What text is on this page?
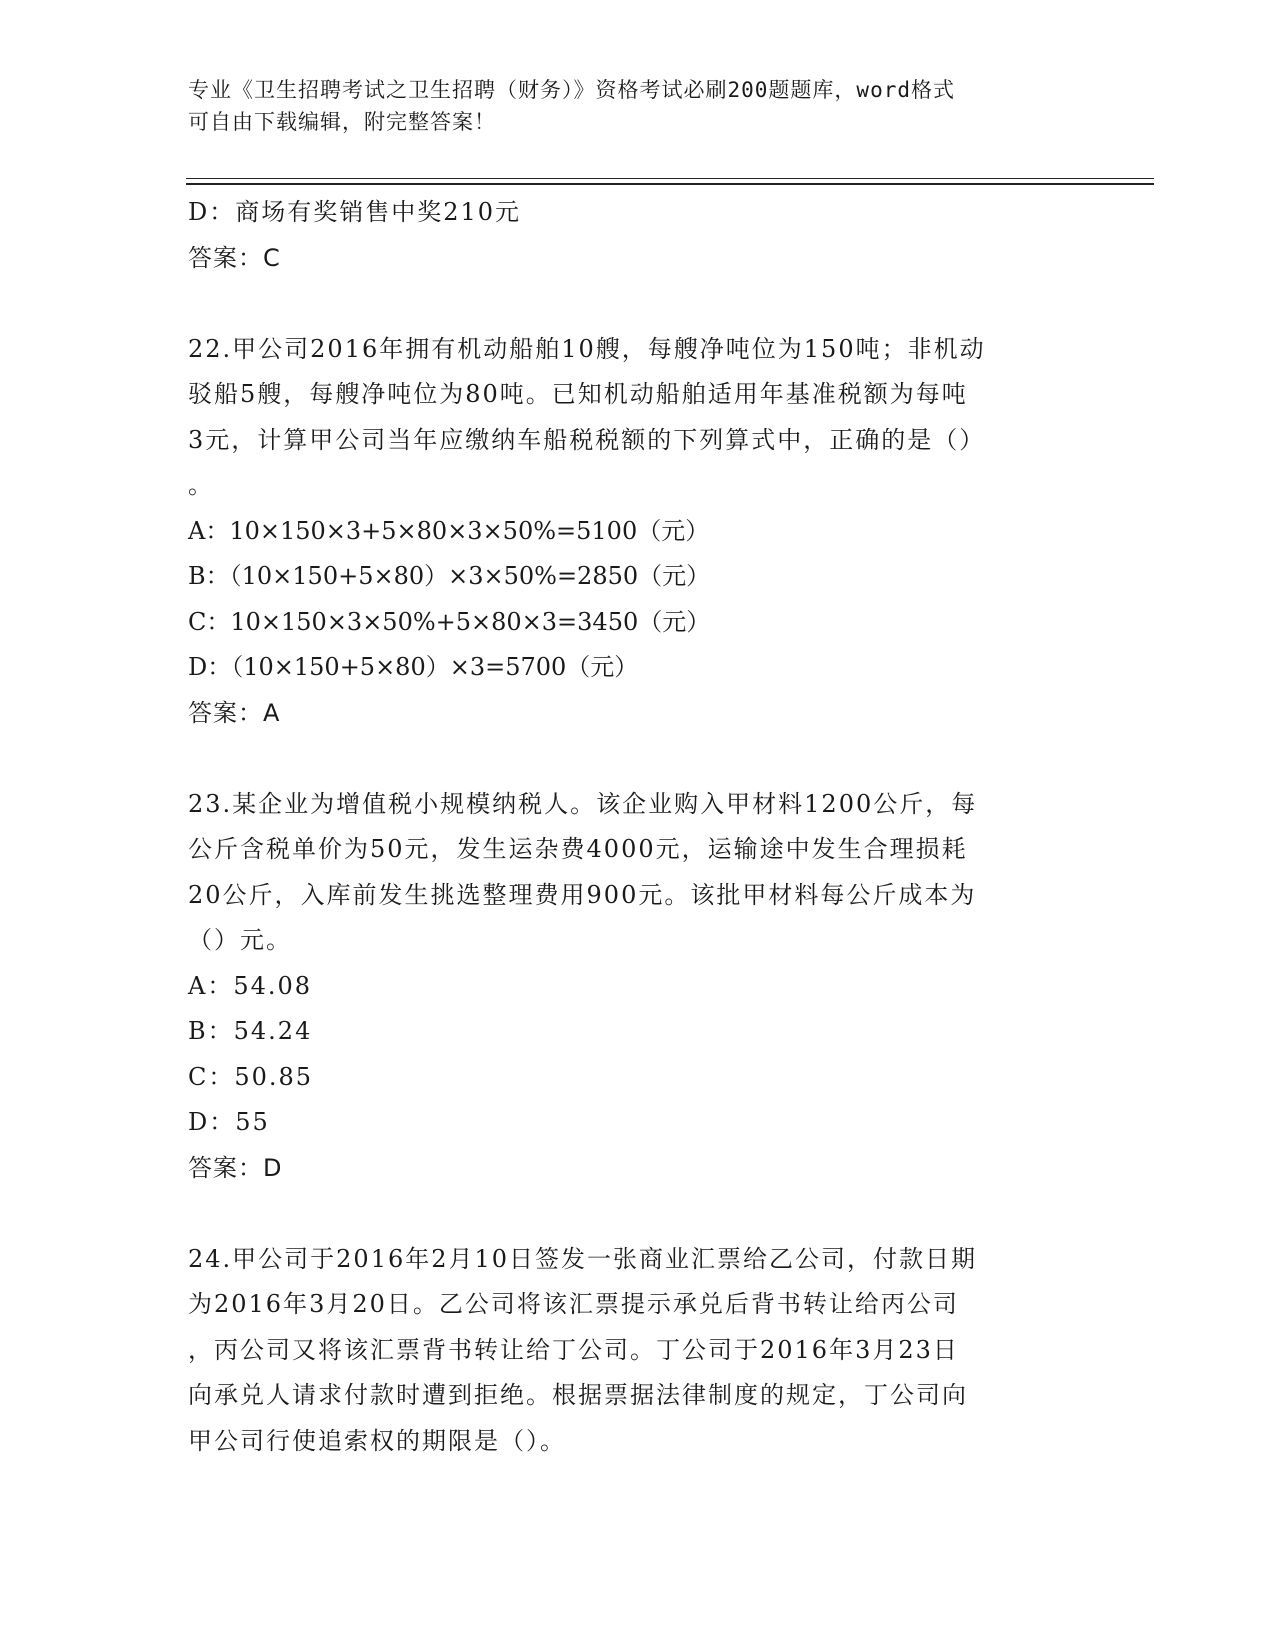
专业《卫生招聘考试之卫生招聘（财务）》资格考试必刷200题题库，word格式
可自由下载编辑，附完整答案！
D：商场有奖销售中奖210元
答案：C
22.甲公司2016年拥有机动船舶10艘，每艘净吨位为150吨；非机动
驳船5艘，每艘净吨位为80吨。已知机动船舶适用年基准税额为每吨
3元，计算甲公司当年应缴纳车船税税额的下列算式中，正确的是（）
。
A：10×150×3+5×80×3×50%=5100（元）
B：（10×150+5×80）×3×50%=2850（元）
C：10×150×3×50%+5×80×3=3450（元）
D：（10×150+5×80）×3=5700（元）
答案：A
23.某企业为增值税小规模纳税人。该企业购入甲材料1200公斤，每
公斤含税单价为50元，发生运杂费4000元，运输途中发生合理损耗
20公斤，入库前发生挑选整理费用900元。该批甲材料每公斤成本为
（）元。
A：54.08
B：54.24
C：50.85
D：55
答案：D
24.甲公司于2016年2月10日签发一张商业汇票给乙公司，付款日期
为2016年3月20日。乙公司将该汇票提示承兑后背书转让给丙公司
，丙公司又将该汇票背书转让给丁公司。丁公司于2016年3月23日
向承兑人请求付款时遭到拒绝。根据票据法律制度的规定，丁公司向
甲公司行使追索权的期限是（）。
